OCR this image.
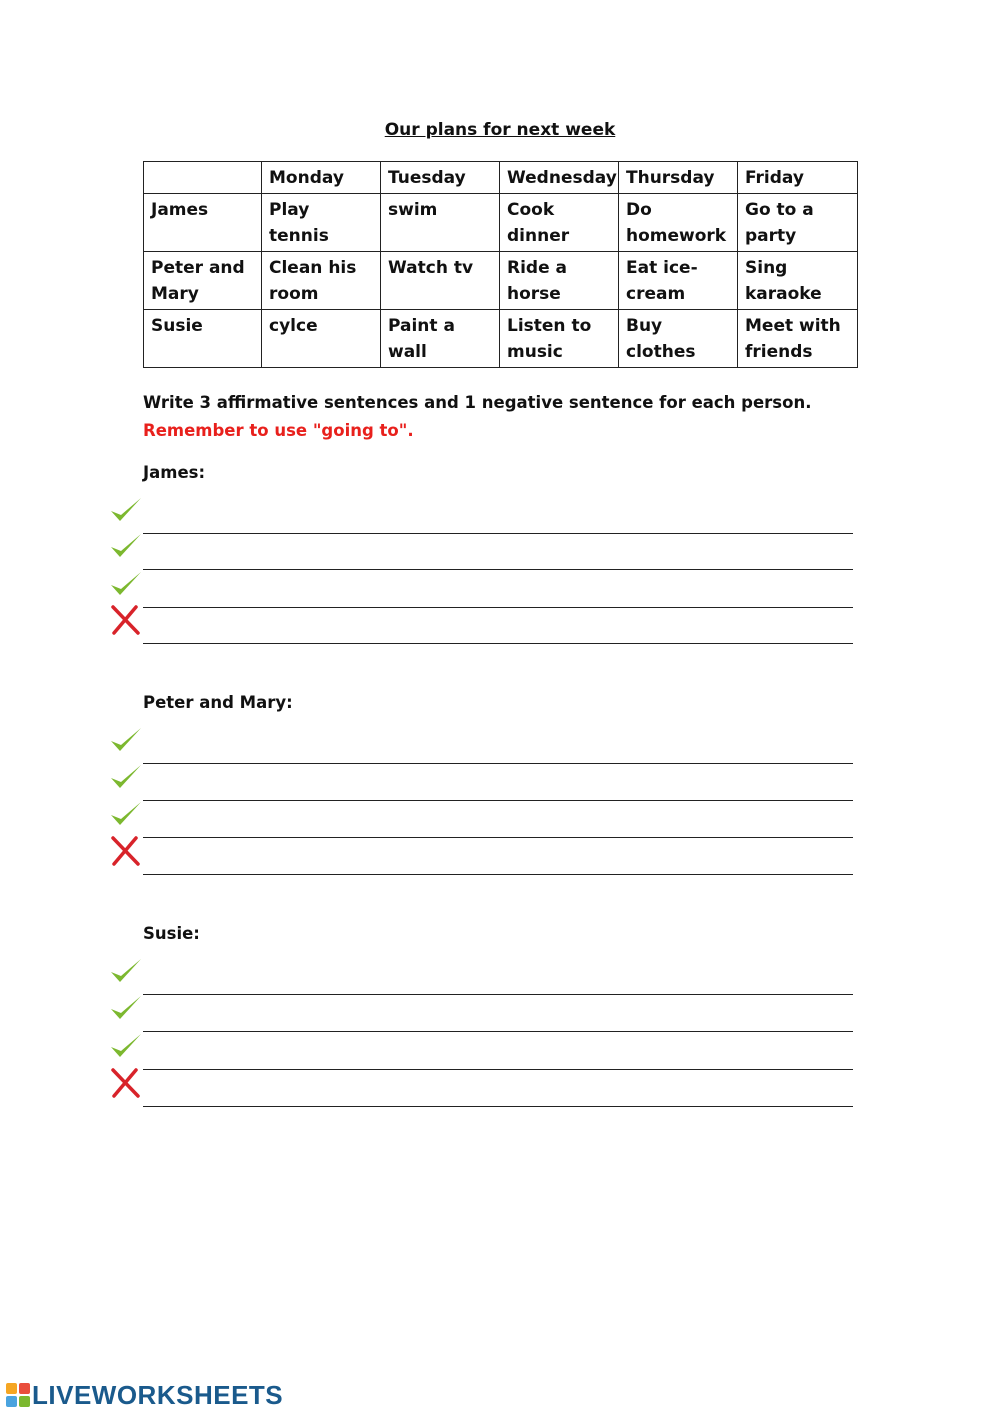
Our plans for next week
	Monday	Tuesday	Wednesday	Thursday	Friday
James	Play tennis	swim	Cook dinner	Do homework	Go to a party
Peter and Mary	Clean his room	Watch tv	Ride a horse	Eat ice-cream	Sing karaoke
Susie	cylce	Paint a wall	Listen to music	Buy clothes	Meet with friends

Write 3 affirmative sentences and 1 negative sentence for each person.

Remember to use "going to".

James:

Peter and Mary:

Susie:

LIVEWORKSHEETS
